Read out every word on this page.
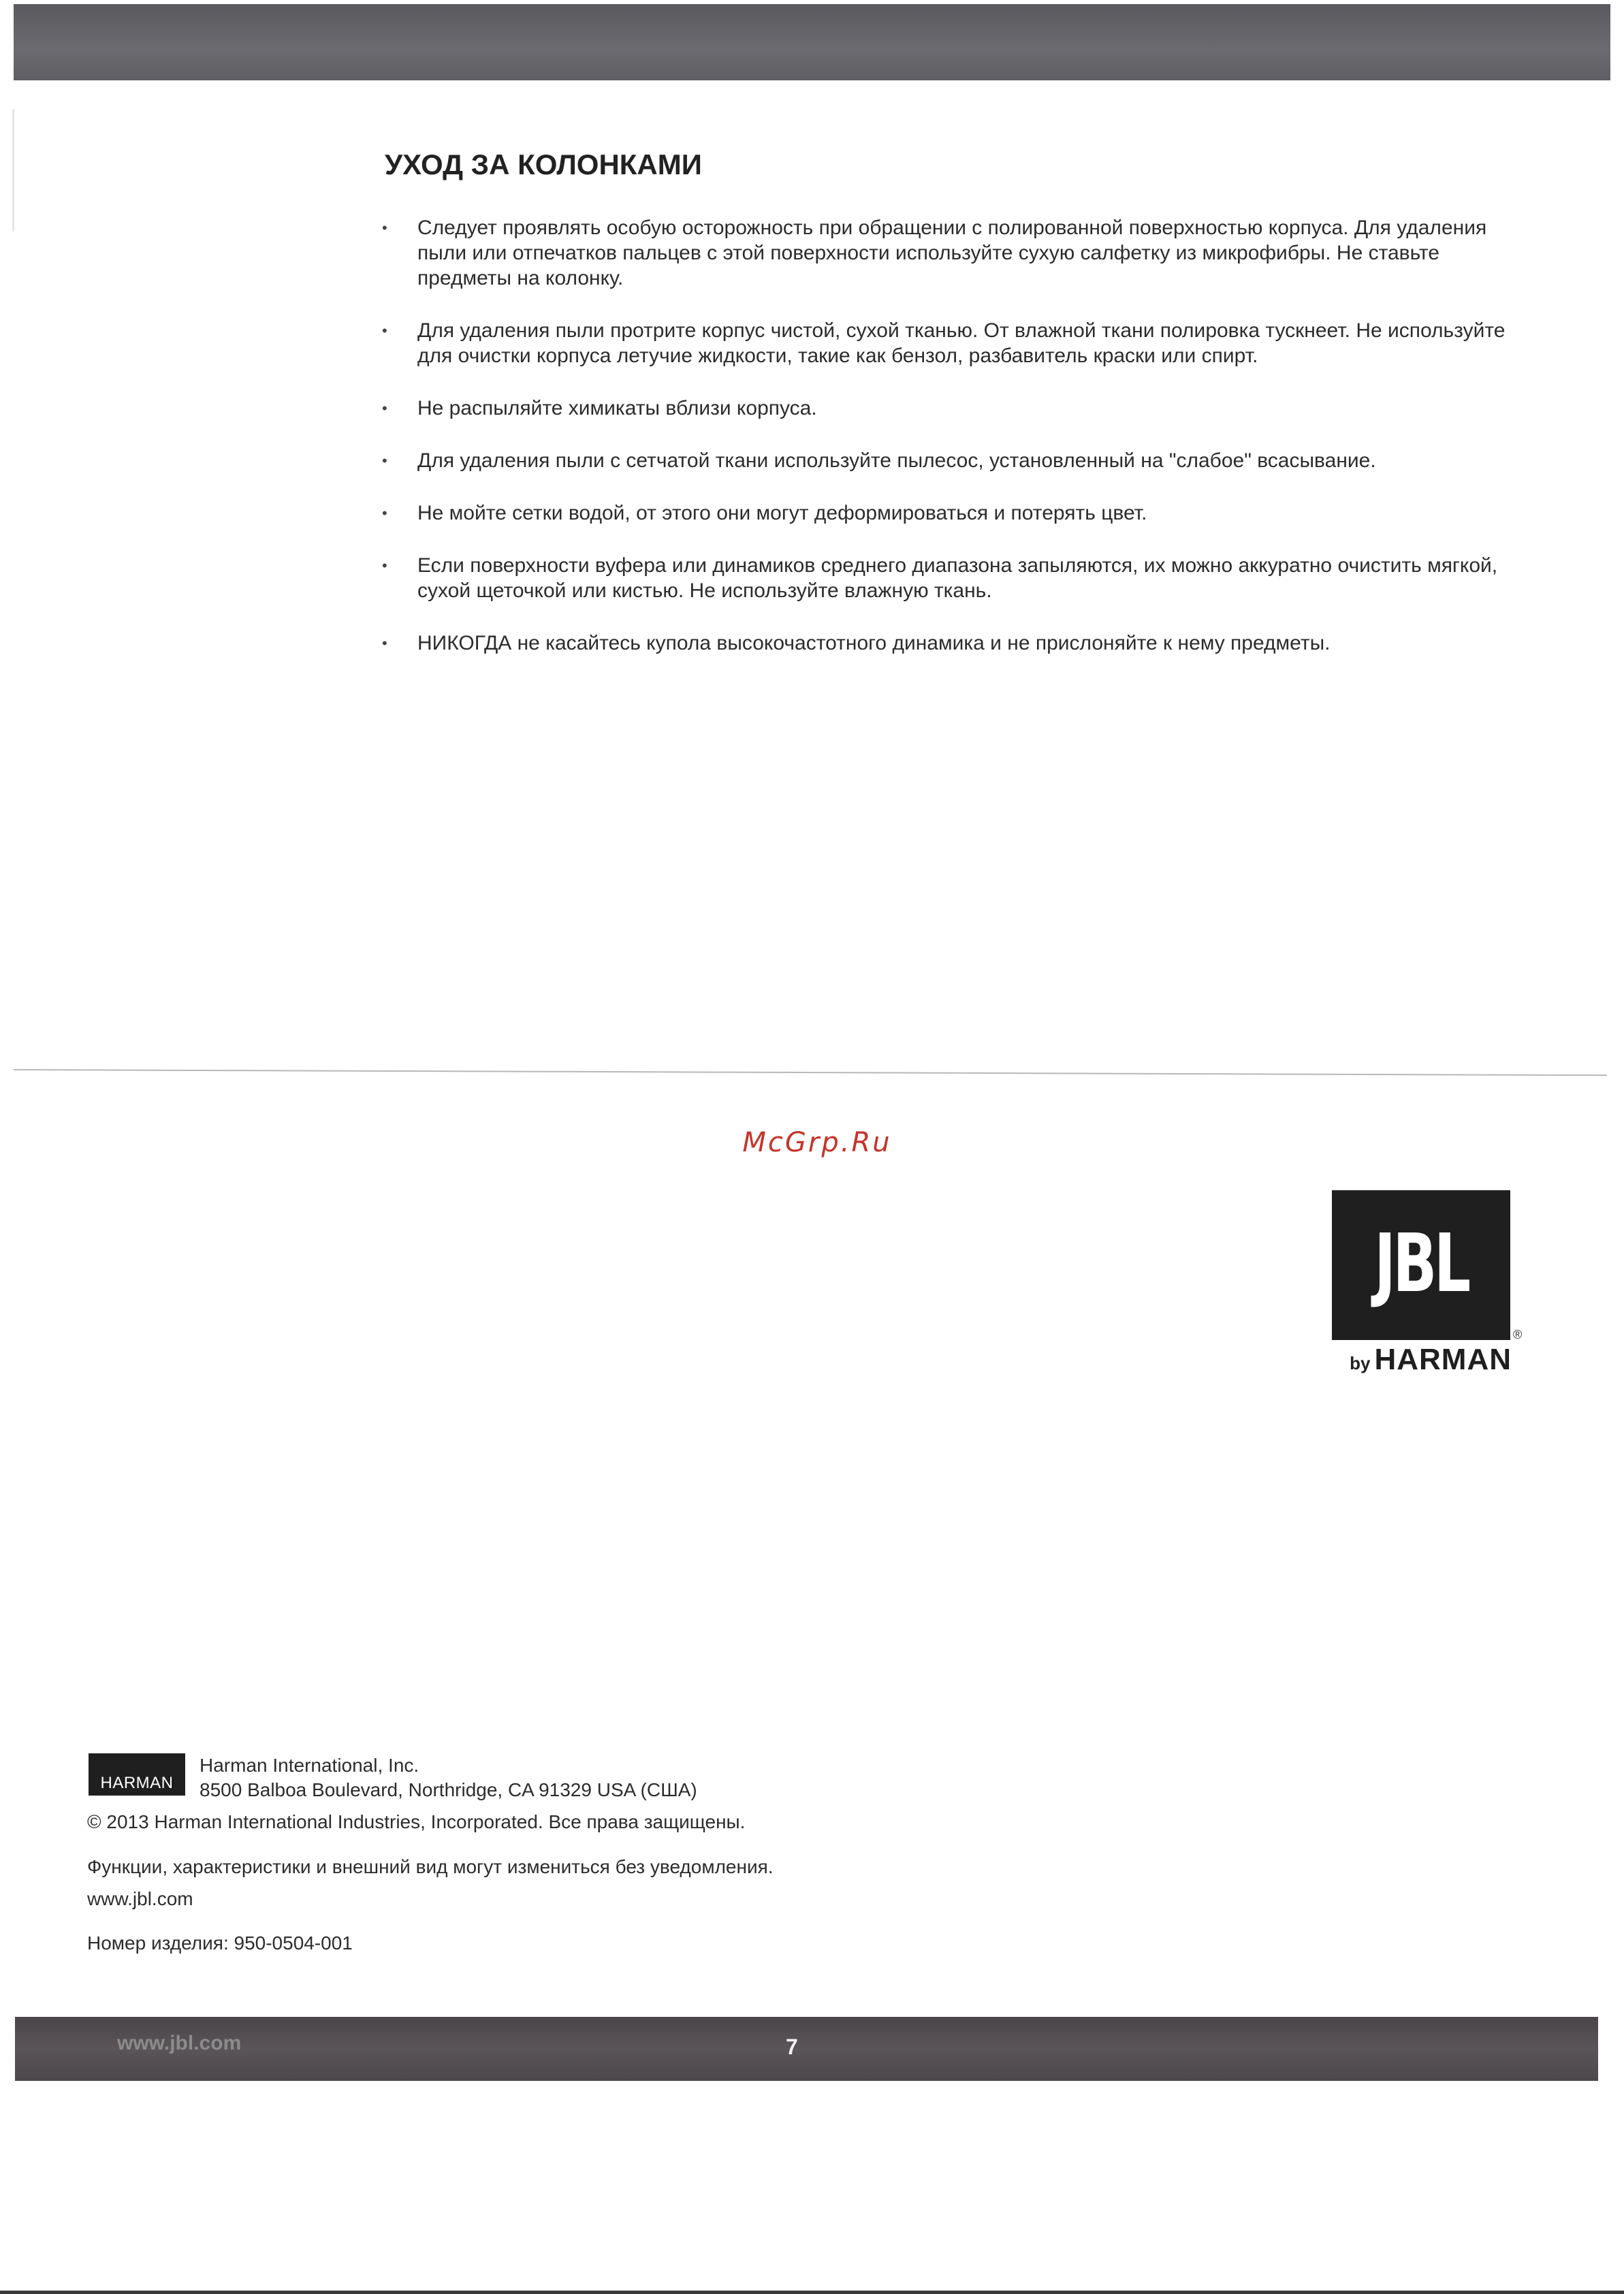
УХОД ЗА КОЛОНКАМИ
• Следует проявлять особую осторожность при обращении с полированной поверхностью корпуса. Для удаления пыли или отпечатков пальцев с этой поверхности используйте сухую салфетку из микрофибры. Не ставьте предметы на колонку.
• Для удаления пыли протрите корпус чистой, сухой тканью. От влажной ткани полировка тускнеет. Не используйте для очистки корпуса летучие жидкости, такие как бензол, разбавитель краски или спирт.
• Не распыляйте химикаты вблизи корпуса.
• Для удаления пыли с сетчатой ткани используйте пылесос, установленный на "слабое" всасывание.
• Не мойте сетки водой, от этого они могут деформироваться и потерять цвет.
• Если поверхности вуфера или динамиков среднего диапазона запыляются, их можно аккуратно очистить мягкой, сухой щеточкой или кистью. Не используйте влажную ткань.
• НИКОГДА не касайтесь купола высокочастотного динамика и не прислоняйте к нему предметы.
McGrp.Ru
JBL
®
by HARMAN
HARMAN
Harman International, Inc.
8500 Balboa Boulevard, Northridge, CA 91329 USA (США)
© 2013 Harman International Industries, Incorporated. Все права защищены.
Функции, характеристики и внешний вид могут измениться без уведомления.
www.jbl.com
Номер изделия: 950-0504-001
www.jbl.com	7
